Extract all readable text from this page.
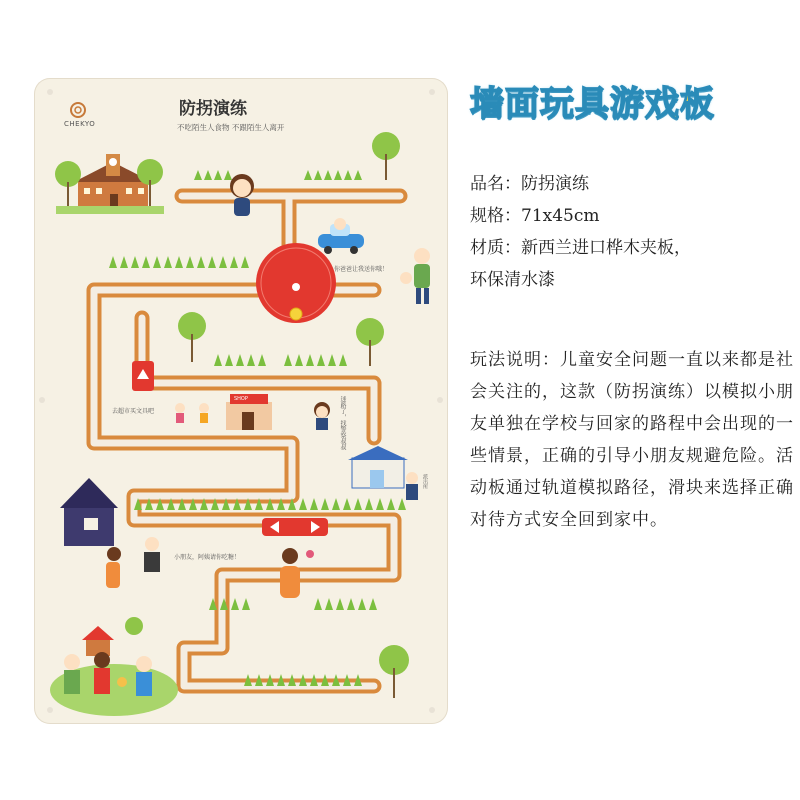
CHEKYO
防拐演练
不吃陌生人食物 不跟陌生人离开
你爸爸让我送你哦！
去超市买文具吧
SHOP	迷路了，找警察叔叔
小朋友，阿姨请你吃糖！
派出所
墙面玩具游戏板
品名：防拐演练
规格：71x45cm
材质：新西兰进口桦木夹板，
环保清水漆
玩法说明：儿童安全问题一直以来都是社会关注的，这款（防拐演练）以模拟小朋友单独在学校与回家的路程中会出现的一些情景，正确的引导小朋友规避危险。活动板通过轨道模拟路径，滑块来选择正确对待方式安全回到家中。
